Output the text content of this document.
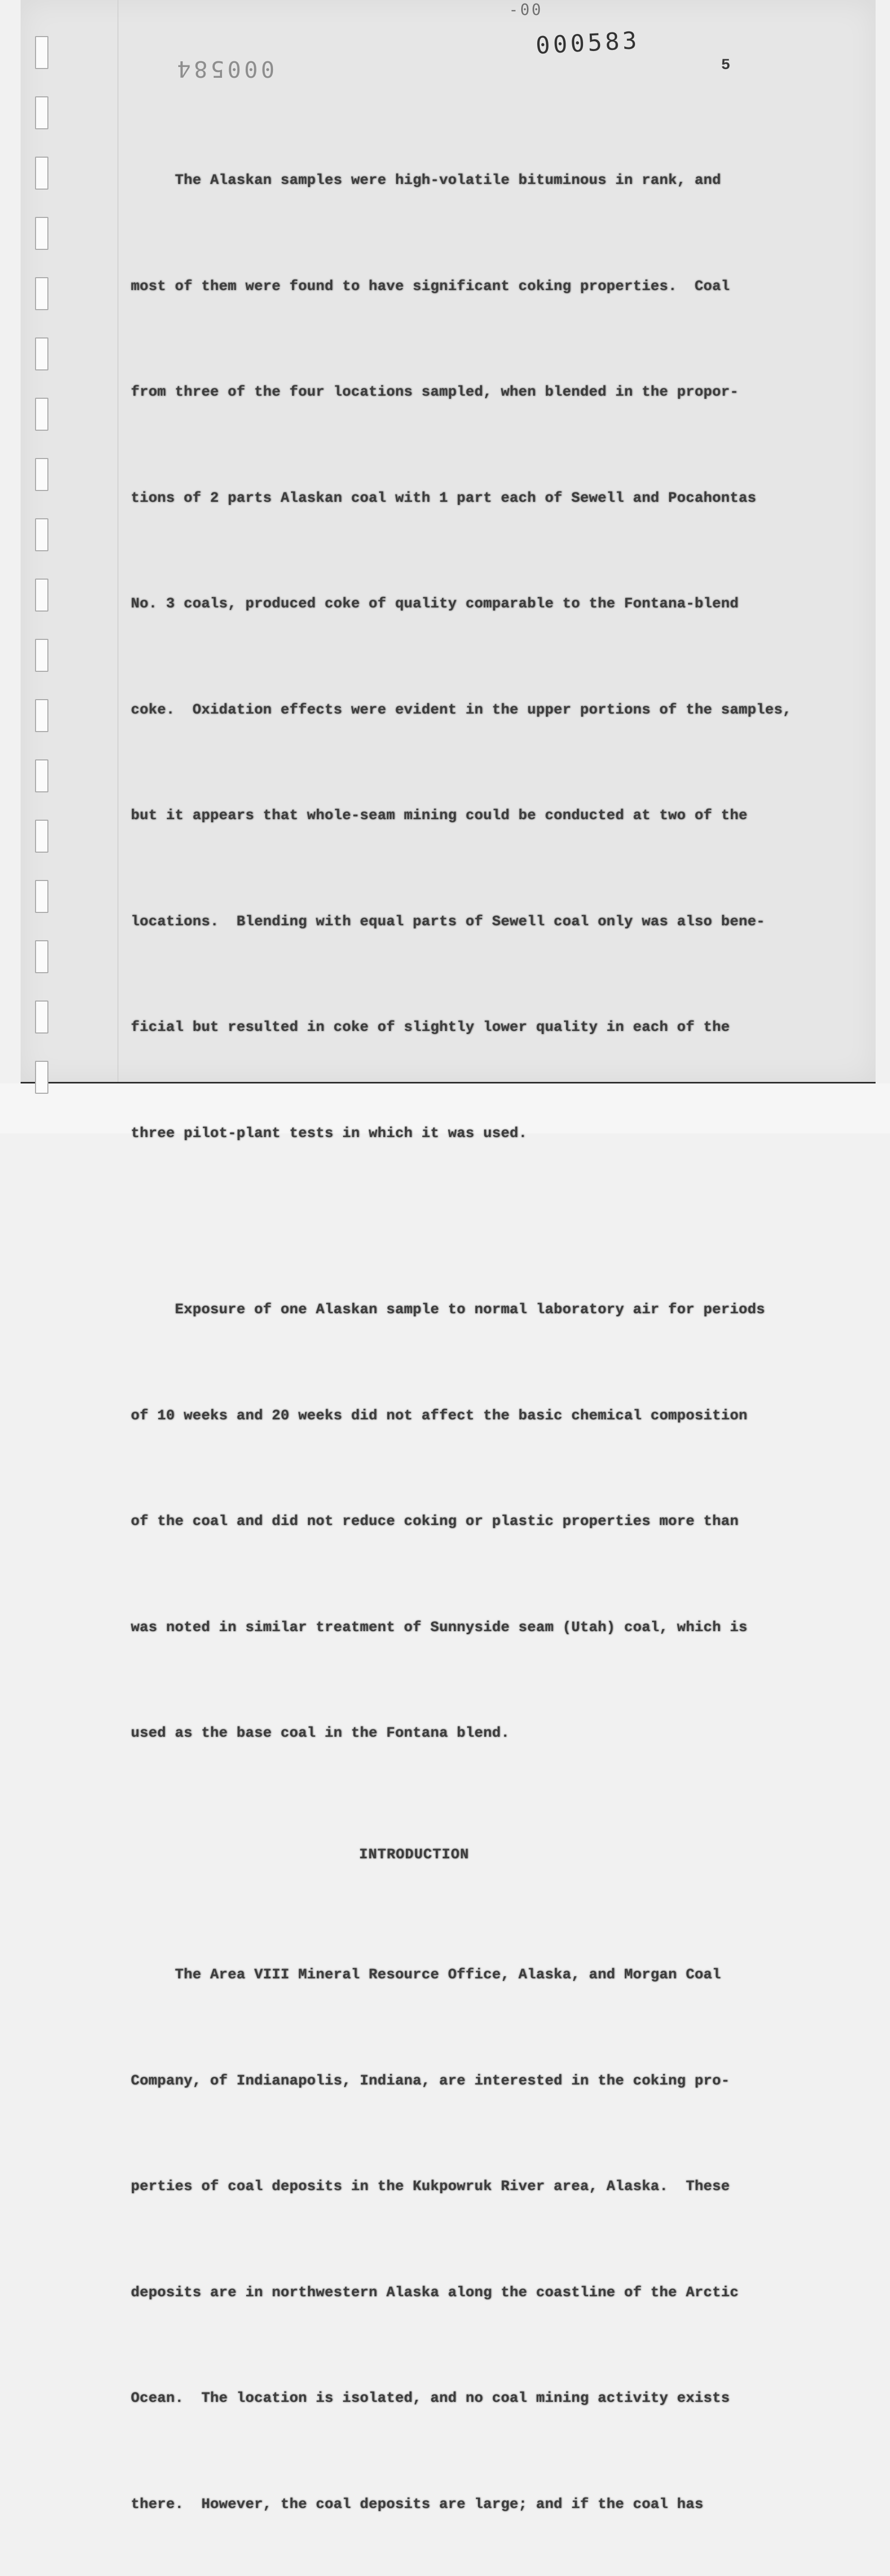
-00
000583
000584	5

The Alaskan samples were high-volatile bituminous in rank, and

most of them were found to have significant coking properties.  Coal

from three of the four locations sampled, when blended in the propor-

tions of 2 parts Alaskan coal with 1 part each of Sewell and Pocahontas

No. 3 coals, produced coke of quality comparable to the Fontana-blend

coke.  Oxidation effects were evident in the upper portions of the samples,

but it appears that whole-seam mining could be conducted at two of the

locations.  Blending with equal parts of Sewell coal only was also bene-

ficial but resulted in coke of slightly lower quality in each of the

three pilot-plant tests in which it was used.

Exposure of one Alaskan sample to normal laboratory air for periods

of 10 weeks and 20 weeks did not affect the basic chemical composition

of the coal and did not reduce coking or plastic properties more than

was noted in similar treatment of Sunnyside seam (Utah) coal, which is

used as the base coal in the Fontana blend.

INTRODUCTION

The Area VIII Mineral Resource Office, Alaska, and Morgan Coal

Company, of Indianapolis, Indiana, are interested in the coking pro-

perties of coal deposits in the Kukpowruk River area, Alaska.  These

deposits are in northwestern Alaska along the coastline of the Arctic

Ocean.  The location is isolated, and no coal mining activity exists

there.  However, the coal deposits are large; and if the coal has
